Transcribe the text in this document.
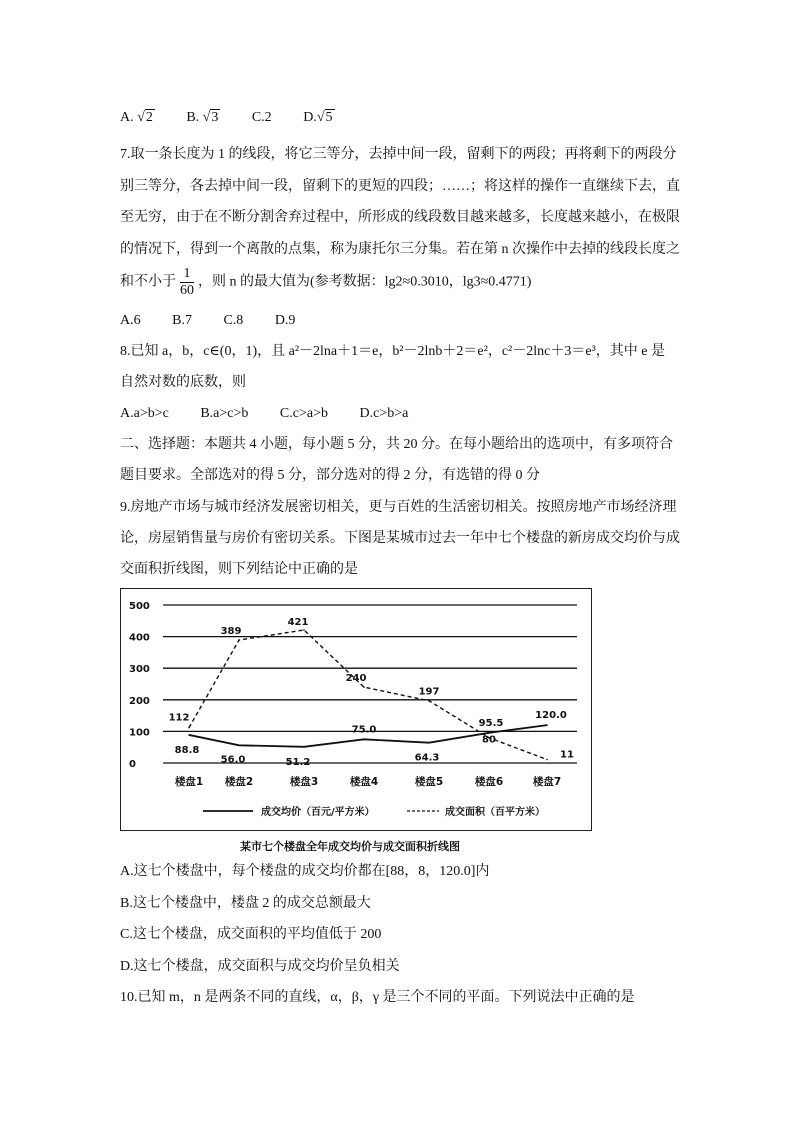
A. √2 B. √3 C.2 D.√5
7.取一条长度为 1 的线段，将它三等分，去掉中间一段，留剩下的两段；再将剩下的两段分
别三等分，各去掉中间一段，留剩下的更短的四段；……；将这样的操作一直继续下去，直
至无穷，由于在不断分割舍弃过程中，所形成的线段数目越来越多，长度越来越小，在极限
的情况下，得到一个离散的点集，称为康托尔三分集。若在第 n 次操作中去掉的线段长度之
和不小于 $\frac{1}{60}$ ，则 n 的最大值为(参考数据：lg2≈0.3010，lg3≈0.4771)
A.6 B.7 C.8 D.9
8.已知 a，b，c∈(0，1)，且 a²－2lna＋1＝e，b²－2lnb＋2＝e²，c²－2lnc＋3＝e³，其中 e 是
自然对数的底数，则
A.a>b>c B.a>c>b C.c>a>b D.c>b>a
二、选择题：本题共 4 小题，每小题 5 分，共 20 分。在每小题给出的选项中，有多项符合
题目要求。全部选对的得 5 分，部分选对的得 2 分，有选错的得 0 分
9.房地产市场与城市经济发展密切相关，更与百姓的生活密切相关。按照房地产市场经济理
论，房屋销售量与房价有密切关系。下图是某城市过去一年中七个楼盘的新房成交均价与成
交面积折线图，则下列结论中正确的是
0
100
200
300
400
500
楼盘1 楼盘2	楼盘3	楼盘4	楼盘5	楼盘6	楼盘7
88.8
56.0	51.2
75.0
64.3
95.5
120.0
112
389
421
240
197
80
11
成交均价（百元/平方米）	成交面积（百平方米）
某市七个楼盘全年成交均价与成交面积折线图
A.这七个楼盘中，每个楼盘的成交均价都在[88，8，120.0]内
B.这七个楼盘中，楼盘 2 的成交总额最大
C.这七个楼盘，成交面积的平均值低于 200
D.这七个楼盘，成交面积与成交均价呈负相关
10.已知 m，n 是两条不同的直线，α，β，γ 是三个不同的平面。下列说法中正确的是
